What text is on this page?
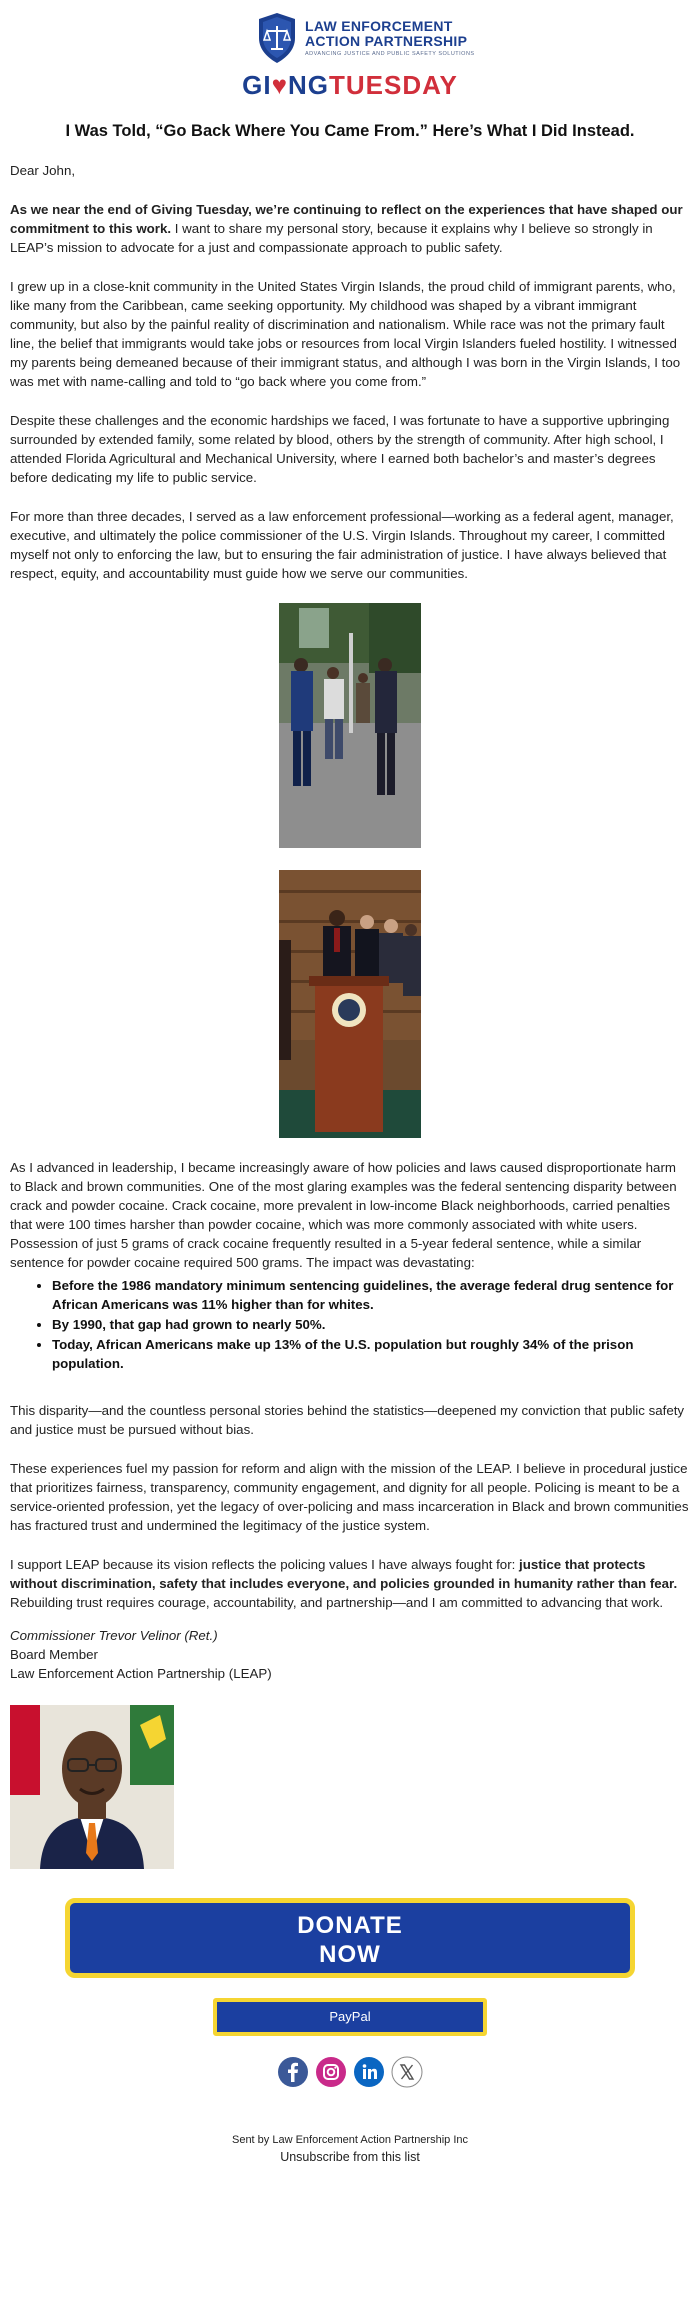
LAW ENFORCEMENT
ACTION PARTNERSHIP
ADVANCING JUSTICE AND PUBLIC SAFETY SOLUTIONS
GI♥NGTUESDAY
I Was Told, “Go Back Where You Came From.” Here’s What I Did Instead.

Dear John,

As we near the end of Giving Tuesday, we’re continuing to reflect on the experiences that have shaped our commitment to this work. I want to share my personal story, because it explains why I believe so strongly in LEAP’s mission to advocate for a just and compassionate approach to public safety.

I grew up in a close-knit community in the United States Virgin Islands, the proud child of immigrant parents, who, like many from the Caribbean, came seeking opportunity. My childhood was shaped by a vibrant immigrant community, but also by the painful reality of discrimination and nationalism. While race was not the primary fault line, the belief that immigrants would take jobs or resources from local Virgin Islanders fueled hostility. I witnessed my parents being demeaned because of their immigrant status, and although I was born in the Virgin Islands, I too was met with name-calling and told to “go back where you come from.”

Despite these challenges and the economic hardships we faced, I was fortunate to have a supportive upbringing surrounded by extended family, some related by blood, others by the strength of community. After high school, I attended Florida Agricultural and Mechanical University, where I earned both bachelor’s and master’s degrees before dedicating my life to public service.

For more than three decades, I served as a law enforcement professional—working as a federal agent, manager, executive, and ultimately the police commissioner of the U.S. Virgin Islands. Throughout my career, I committed myself not only to enforcing the law, but to ensuring the fair administration of justice. I have always believed that respect, equity, and accountability must guide how we serve our communities.

As I advanced in leadership, I became increasingly aware of how policies and laws caused disproportionate harm to Black and brown communities. One of the most glaring examples was the federal sentencing disparity between crack and powder cocaine. Crack cocaine, more prevalent in low-income Black neighborhoods, carried penalties that were 100 times harsher than powder cocaine, which was more commonly associated with white users. Possession of just 5 grams of crack cocaine frequently resulted in a 5-year federal sentence, while a similar sentence for powder cocaine required 500 grams. The impact was devastating:

• Before the 1986 mandatory minimum sentencing guidelines, the average federal drug sentence for African Americans was 11% higher than for whites.
• By 1990, that gap had grown to nearly 50%.
• Today, African Americans make up 13% of the U.S. population but roughly 34% of the prison population.

This disparity—and the countless personal stories behind the statistics—deepened my conviction that public safety and justice must be pursued without bias.

These experiences fuel my passion for reform and align with the mission of the LEAP. I believe in procedural justice that prioritizes fairness, transparency, community engagement, and dignity for all people. Policing is meant to be a service-oriented profession, yet the legacy of over-policing and mass incarceration in Black and brown communities has fractured trust and undermined the legitimacy of the justice system.

I support LEAP because its vision reflects the policing values I have always fought for: justice that protects without discrimination, safety that includes everyone, and policies grounded in humanity rather than fear. Rebuilding trust requires courage, accountability, and partnership—and I am committed to advancing that work.

Commissioner Trevor Velinor (Ret.)
Board Member
Law Enforcement Action Partnership (LEAP)
DONATE
NOW
PayPal
Sent by Law Enforcement Action Partnership Inc
Unsubscribe from this list
